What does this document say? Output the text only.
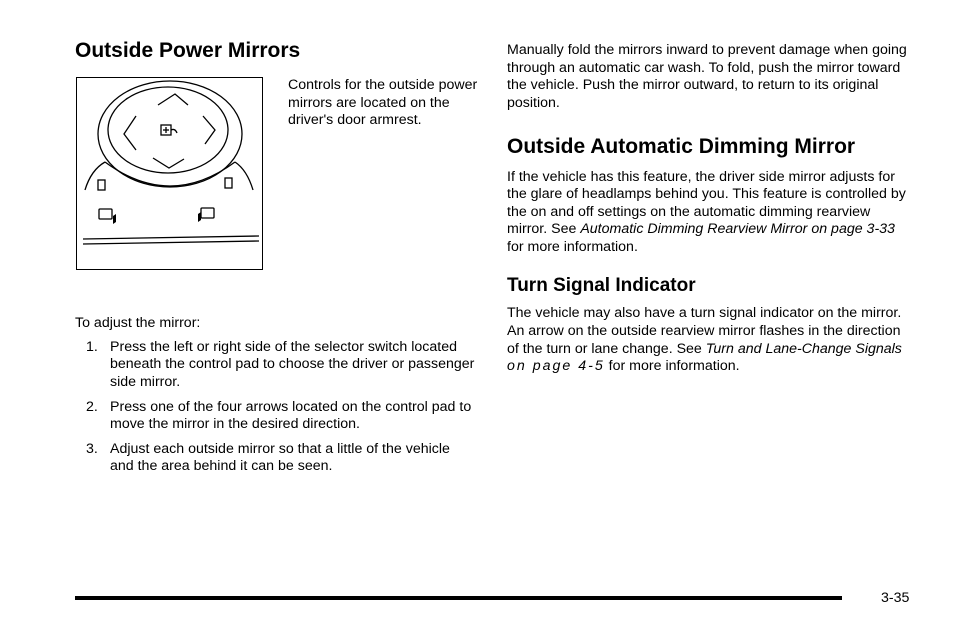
Outside Power Mirrors

Controls for the outside power mirrors are located on the driver's door armrest.

To adjust the mirror:

1. Press the left or right side of the selector switch located beneath the control pad to choose the driver or passenger side mirror.
2. Press one of the four arrows located on the control pad to move the mirror in the desired direction.
3. Adjust each outside mirror so that a little of the vehicle and the area behind it can be seen.

Manually fold the mirrors inward to prevent damage when going through an automatic car wash. To fold, push the mirror toward the vehicle. Push the mirror outward, to return to its original position.

Outside Automatic Dimming Mirror

If the vehicle has this feature, the driver side mirror adjusts for the glare of headlamps behind you. This feature is controlled by the on and off settings on the automatic dimming rearview mirror. See Automatic Dimming Rearview Mirror on page 3-33 for more information.

Turn Signal Indicator

The vehicle may also have a turn signal indicator on the mirror. An arrow on the outside rearview mirror flashes in the direction of the turn or lane change. See Turn and Lane-Change Signals on page 4-5 for more information.

3-35
